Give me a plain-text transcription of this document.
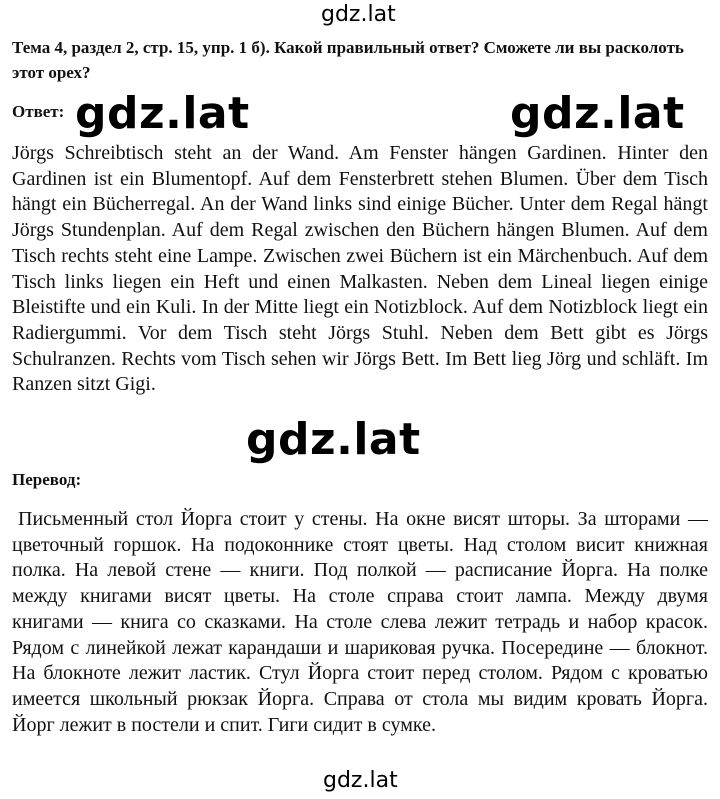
gdz.lat
Тема 4, раздел 2, стр. 15, упр. 1 б). Какой правильный ответ? Сможете ли вы расколоть этот орех?
Ответ: gdz.lat	gdz.lat

Jörgs Schreibtisch steht an der Wand. Am Fenster hängen Gardinen. Hinter den Gardinen ist ein Blumentopf. Auf dem Fensterbrett stehen Blumen. Über dem Tisch hängt ein Bücherregal. An der Wand links sind einige Bücher. Unter dem Regal hängt Jörgs Stundenplan. Auf dem Regal zwischen den Büchern hängen Blumen. Auf dem Tisch rechts steht eine Lampe. Zwischen zwei Büchern ist ein Märchenbuch. Auf dem Tisch links liegen ein Heft und einen Malkasten. Neben dem Lineal liegen einige Bleistifte und ein Kuli. In der Mitte liegt ein Notizblock. Auf dem Notizblock liegt ein Radiergummi. Vor dem Tisch steht Jörgs Stuhl. Neben dem Bett gibt es Jörgs Schulranzen. Rechts vom Tisch sehen wir Jörgs Bett. Im Bett lieg Jörg und schläft. Im Ranzen sitzt Gigi.

gdz.lat
Перевод:

Письменный стол Йорга стоит у стены. На окне висят шторы. За шторами — цветочный горшок. На подоконнике стоят цветы. Над столом висит книжная полка. На левой стене — книги. Под полкой — расписание Йорга. На полке между книгами висят цветы. На столе справа стоит лампа. Между двумя книгами — книга со сказками. На столе слева лежит тетрадь и набор красок. Рядом с линейкой лежат карандаши и шариковая ручка. Посередине — блокнот. На блокноте лежит ластик. Стул Йорга стоит перед столом. Рядом с кроватью имеется школьный рюкзак Йорга. Справа от стола мы видим кровать Йорга. Йорг лежит в постели и спит. Гиги сидит в сумке.

gdz.lat
